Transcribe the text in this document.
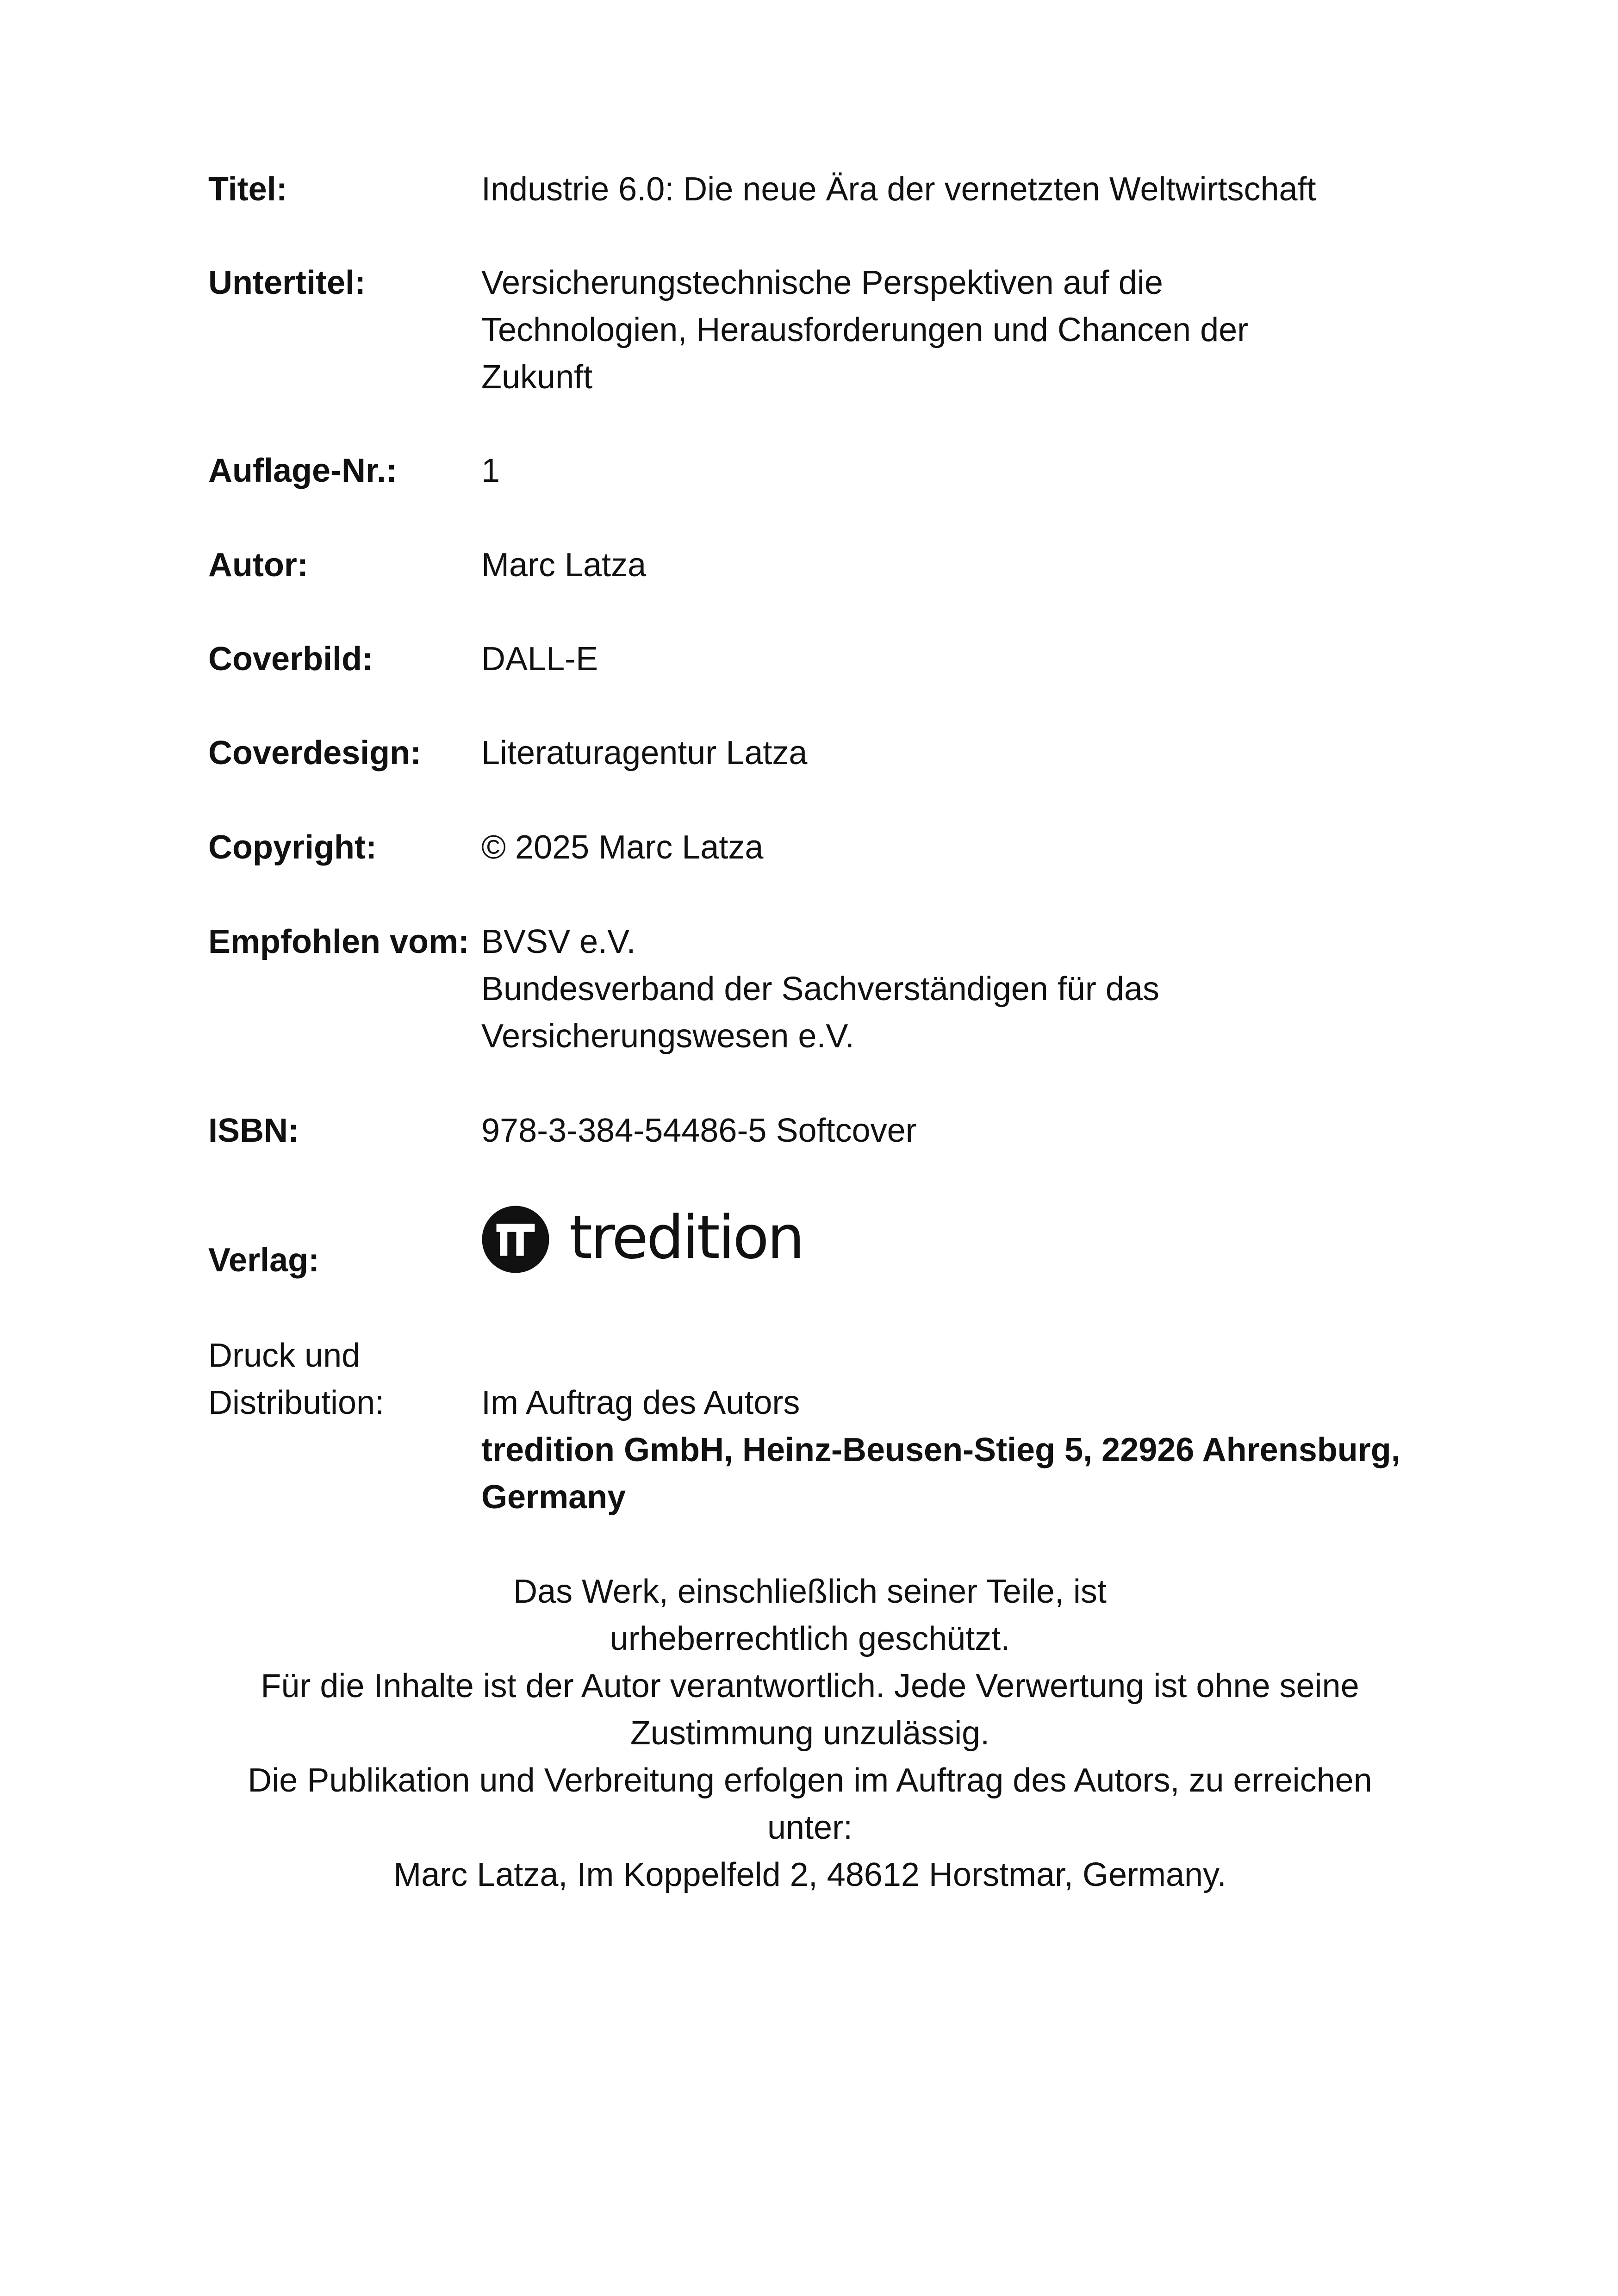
Titel:	Industrie 6.0: Die neue Ära der vernetzten Weltwirtschaft
Untertitel:	Versicherungstechnische Perspektiven auf die
Technologien, Herausforderungen und Chancen der
Zukunft
Auflage-Nr.:	1
Autor:	Marc Latza
Coverbild:	DALL-E
Coverdesign:	Literaturagentur Latza
Copyright:	© 2025 Marc Latza
Empfohlen vom: BVSV e.V.
Bundesverband der Sachverständigen für das
Versicherungswesen e.V.
ISBN:	978-3-384-54486-5 Softcover
Verlag:	tredition
Druck und
Distribution:	Im Auftrag des Autors
tredition GmbH, Heinz-Beusen-Stieg 5, 22926 Ahrensburg,
Germany
Das Werk, einschließlich seiner Teile, ist
urheberrechtlich geschützt.
Für die Inhalte ist der Autor verantwortlich. Jede Verwertung ist ohne seine
Zustimmung unzulässig.
Die Publikation und Verbreitung erfolgen im Auftrag des Autors, zu erreichen
unter:
Marc Latza, Im Koppelfeld 2, 48612 Horstmar, Germany.
